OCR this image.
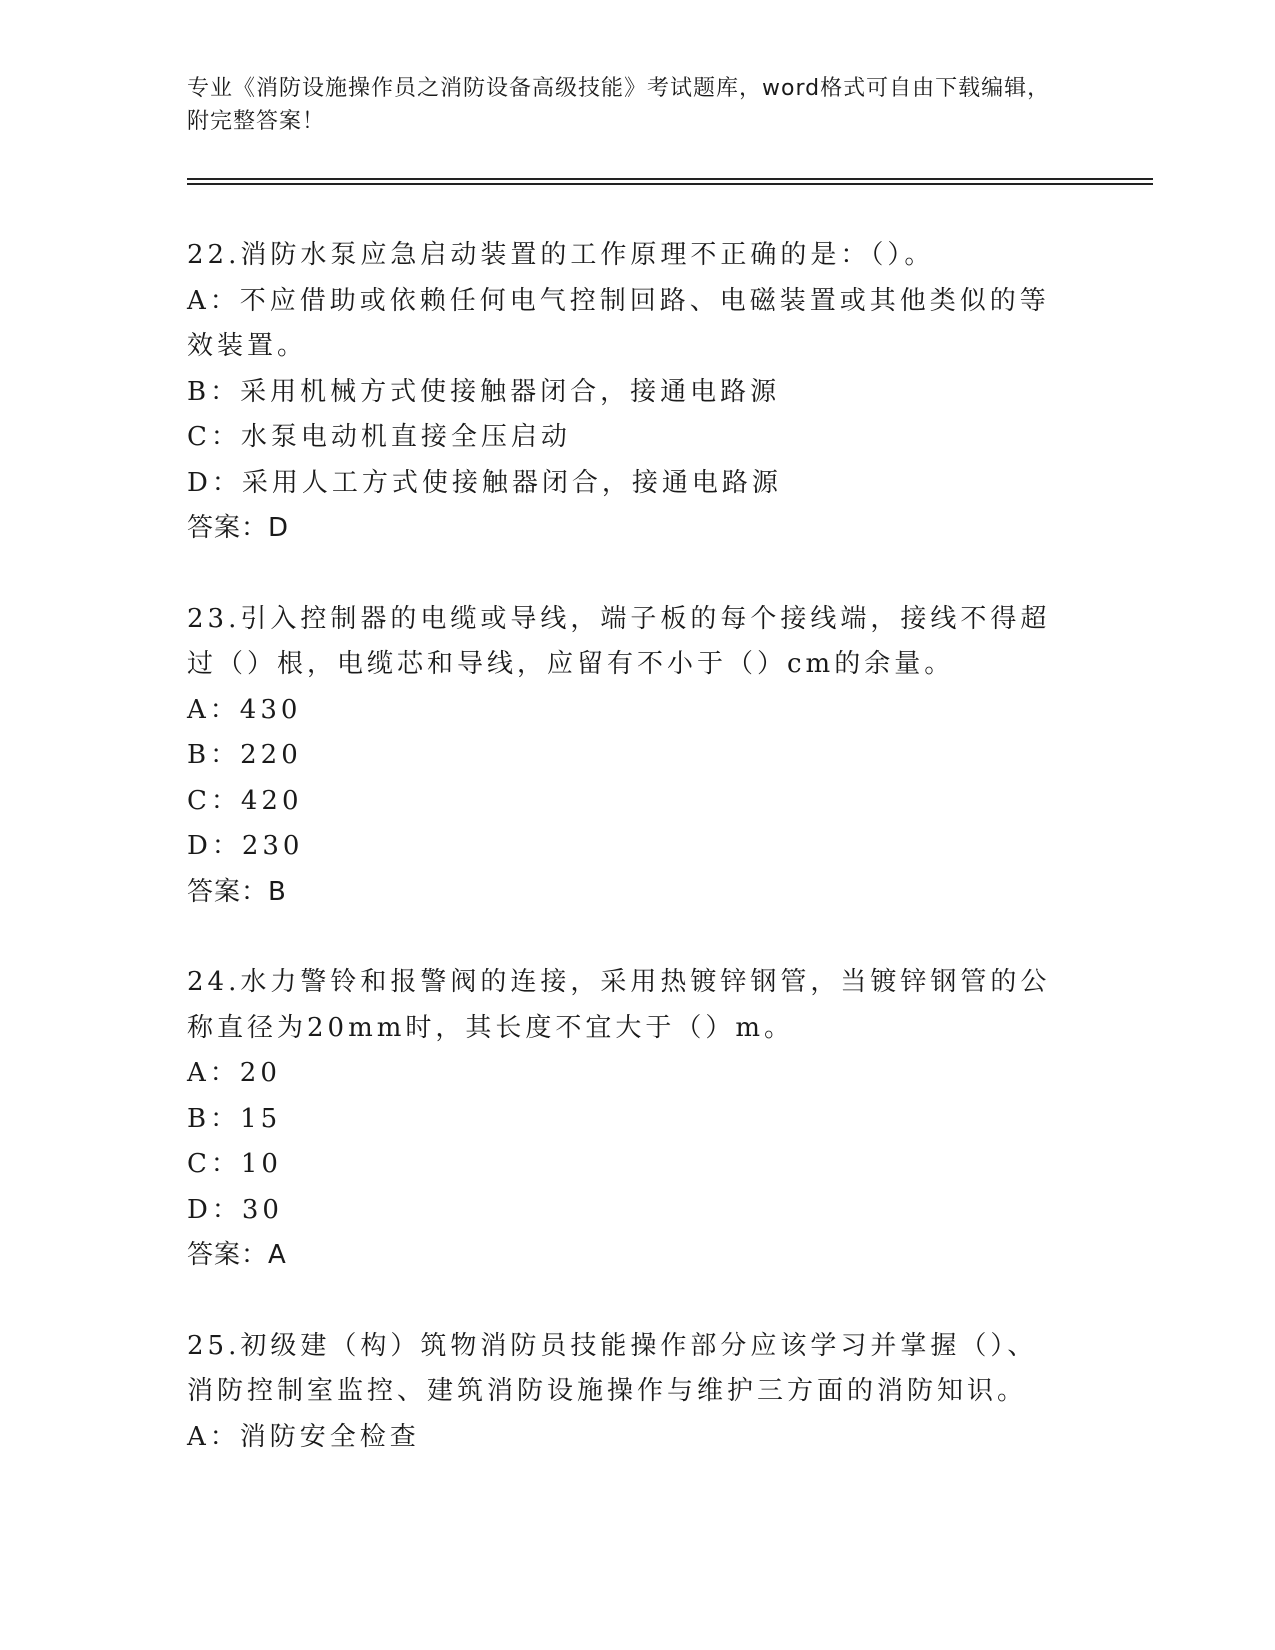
专业《消防设施操作员之消防设备高级技能》考试题库，word格式可自由下载编辑，附完整答案！

22.消防水泵应急启动装置的工作原理不正确的是：（）。

A：不应借助或依赖任何电气控制回路、电磁装置或其他类似的等效装置。

B：采用机械方式使接触器闭合，接通电路源

C：水泵电动机直接全压启动

D：采用人工方式使接触器闭合，接通电路源

答案：D

23.引入控制器的电缆或导线，端子板的每个接线端，接线不得超过（）根，电缆芯和导线，应留有不小于（）cm的余量。

A：430

B：220

C：420

D：230

答案：B

24.水力警铃和报警阀的连接，采用热镀锌钢管，当镀锌钢管的公称直径为20mm时，其长度不宜大于（）m。

A：20

B：15

C：10

D：30

答案：A

25.初级建（构）筑物消防员技能操作部分应该学习并掌握（）、消防控制室监控、建筑消防设施操作与维护三方面的消防知识。

A：消防安全检查
